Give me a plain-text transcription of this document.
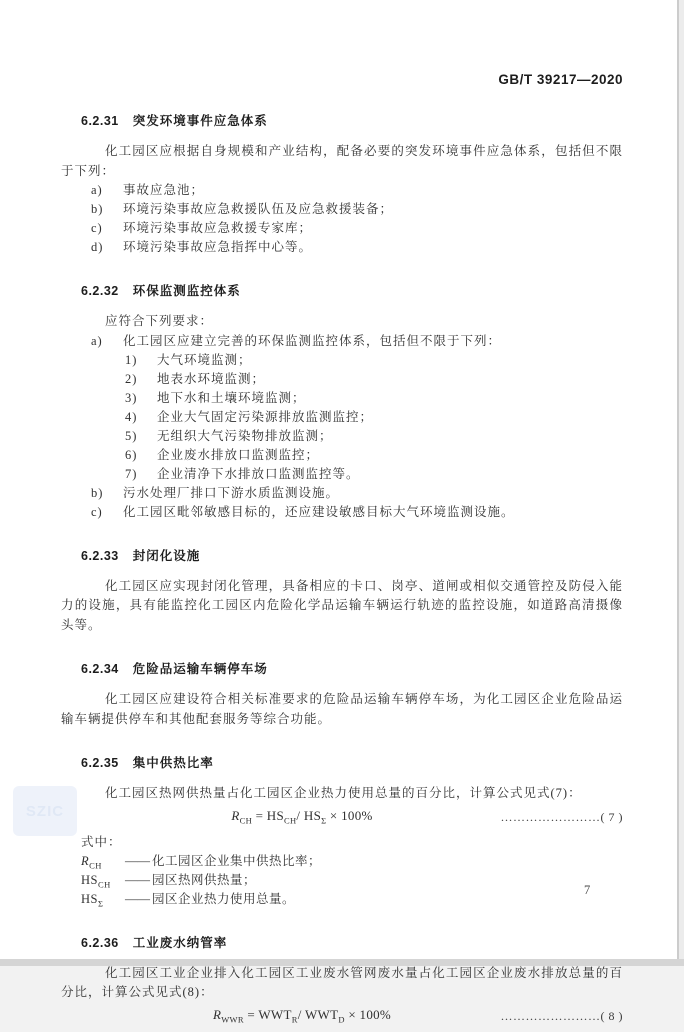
SZIC
GB/T 39217—2020
6.2.31 突发环境事件应急体系

化工园区应根据自身规模和产业结构，配备必要的突发环境事件应急体系，包括但不限于下列：

a)	事故应急池；
b)	环境污染事故应急救援队伍及应急救援装备；
c)	环境污染事故应急救援专家库；
d)	环境污染事故应急指挥中心等。
6.2.32 环保监测监控体系

应符合下列要求：

a)	化工园区应建立完善的环保监测监控体系，包括但不限于下列：
1)	大气环境监测；
2)	地表水环境监测；
3)	地下水和土壤环境监测；
4)	企业大气固定污染源排放监测监控；
5)	无组织大气污染物排放监测；
6)	企业废水排放口监测监控；
7)	企业清净下水排放口监测监控等。
b)	污水处理厂排口下游水质监测设施。
c)	化工园区毗邻敏感目标的，还应建设敏感目标大气环境监测设施。
6.2.33 封闭化设施

化工园区应实现封闭化管理，具备相应的卡口、岗亭、道闸或相似交通管控及防侵入能力的设施，具有能监控化工园区内危险化学品运输车辆运行轨迹的监控设施，如道路高清摄像头等。

6.2.34 危险品运输车辆停车场

化工园区应建设符合相关标准要求的危险品运输车辆停车场，为化工园区企业危险品运输车辆提供停车和其他配套服务等综合功能。

6.2.35 集中供热比率

化工园区热网供热量占化工园区企业热力使用总量的百分比，计算公式见式(7)：

$R_{CH} = HS_{CH}/$ $HS_\Sigma \times 100\%$	……………………( 7 )
式中：
$R_{CH}$	—— 化工园区企业集中供热比率；
$HS_{CH}$	—— 园区热网供热量；
$HS_\Sigma$	—— 园区企业热力使用总量。
6.2.36 工业废水纳管率

化工园区工业企业排入化工园区工业废水管网废水量占化工园区企业废水排放总量的百分比，计算公式见式(8)：

$R_{WWR} = WWT_R/$ $WWT_D \times 100\%$	……………………( 8 )
7
